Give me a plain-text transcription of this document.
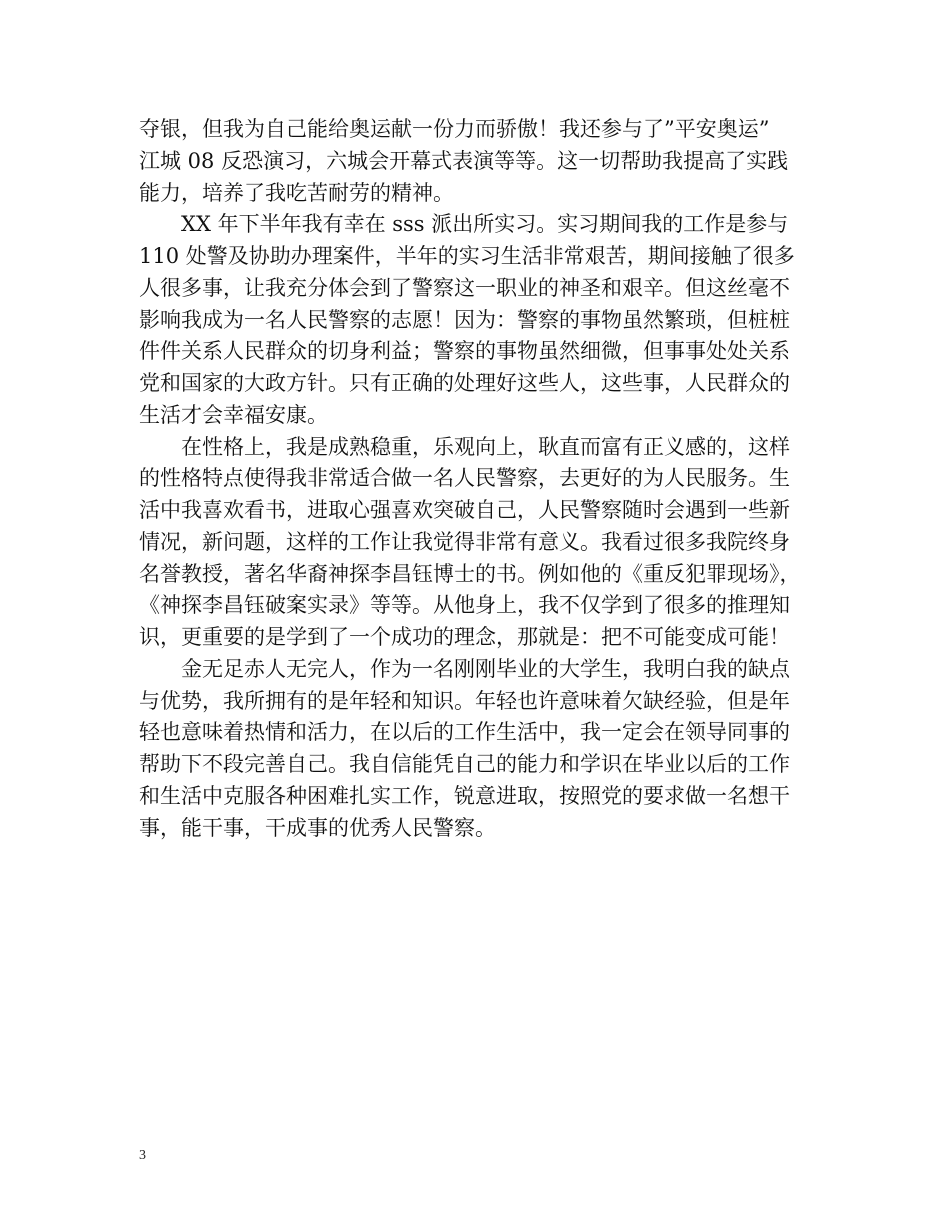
夺银，但我为自己能给奥运献一份力而骄傲！我还参与了”平安奥运”
江城 08 反恐演习，六城会开幕式表演等等。这一切帮助我提高了实践
能力，培养了我吃苦耐劳的精神。
XX 年下半年我有幸在 sss 派出所实习。实习期间我的工作是参与
110 处警及协助办理案件，半年的实习生活非常艰苦，期间接触了很多
人很多事，让我充分体会到了警察这一职业的神圣和艰辛。但这丝毫不
影响我成为一名人民警察的志愿！因为：警察的事物虽然繁琐，但桩桩
件件关系人民群众的切身利益；警察的事物虽然细微，但事事处处关系
党和国家的大政方针。只有正确的处理好这些人，这些事，人民群众的
生活才会幸福安康。
在性格上，我是成熟稳重，乐观向上，耿直而富有正义感的，这样
的性格特点使得我非常适合做一名人民警察，去更好的为人民服务。生
活中我喜欢看书，进取心强喜欢突破自己，人民警察随时会遇到一些新
情况，新问题，这样的工作让我觉得非常有意义。我看过很多我院终身
名誉教授，著名华裔神探李昌钰博士的书。例如他的《重反犯罪现场》，
《神探李昌钰破案实录》等等。从他身上，我不仅学到了很多的推理知
识，更重要的是学到了一个成功的理念，那就是：把不可能变成可能！
金无足赤人无完人，作为一名刚刚毕业的大学生，我明白我的缺点
与优势，我所拥有的是年轻和知识。年轻也许意味着欠缺经验，但是年
轻也意味着热情和活力，在以后的工作生活中，我一定会在领导同事的
帮助下不段完善自己。我自信能凭自己的能力和学识在毕业以后的工作
和生活中克服各种困难扎实工作，锐意进取，按照党的要求做一名想干
事，能干事，干成事的优秀人民警察。
3
